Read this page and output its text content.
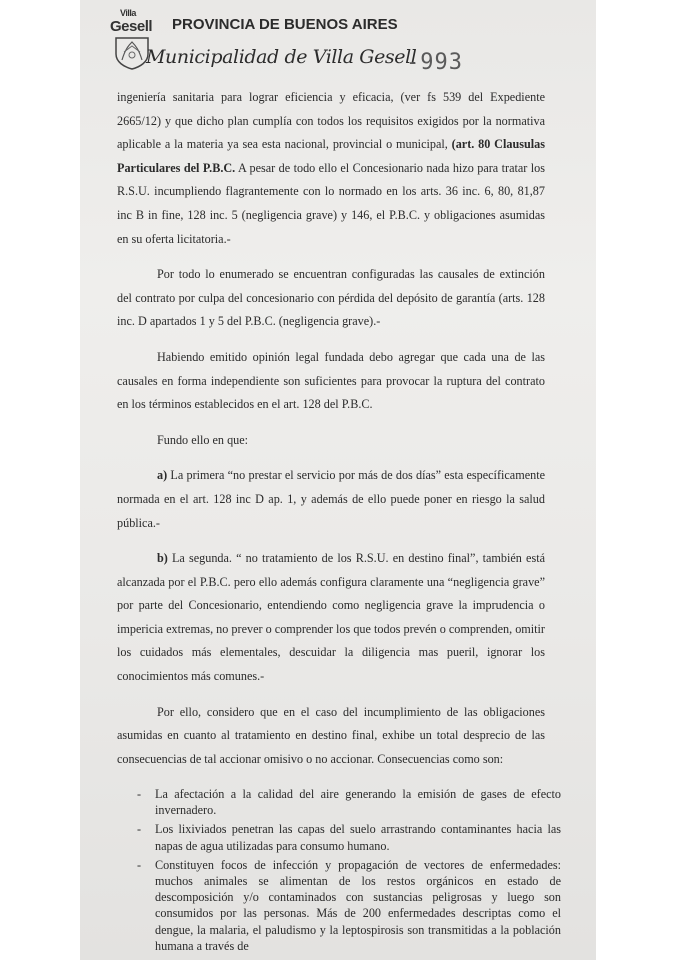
Villa
Gesell PROVINCIA DE BUENOS AIRES
Municipalidad de Villa Gesell
-993

ingeniería sanitaria para lograr eficiencia y eficacia, (ver fs 539 del Expediente 2665/12) y que dicho plan cumplía con todos los requisitos exigidos por la normativa aplicable a la materia ya sea esta nacional, provincial o municipal, (art. 80 Clausulas Particulares del P.B.C. A pesar de todo ello el Concesionario nada hizo para tratar los R.S.U. incumpliendo flagrantemente con lo normado en los arts. 36 inc. 6, 80, 81,87 inc B in fine, 128 inc. 5 (negligencia grave) y 146, el P.B.C. y obligaciones asumidas en su oferta licitatoria.-

Por todo lo enumerado se encuentran configuradas las causales de extinción del contrato por culpa del concesionario con pérdida del depósito de garantía (arts. 128 inc. D apartados 1 y 5 del P.B.C. (negligencia grave).-

Habiendo emitido opinión legal fundada debo agregar que cada una de las causales en forma independiente son suficientes para provocar la ruptura del contrato en los términos establecidos en el art. 128 del P.B.C.

Fundo ello en que:

a) La primera “no prestar el servicio por más de dos días” esta específicamente normada en el art. 128 inc D ap. 1, y además de ello puede poner en riesgo la salud pública.-

b) La segunda. “ no tratamiento de los R.S.U. en destino final”, también está alcanzada por el P.B.C. pero ello además configura claramente una “negligencia grave” por parte del Concesionario, entendiendo como negligencia grave la imprudencia o impericia extremas, no prever o comprender los que todos prevén o comprenden, omitir los cuidados más elementales, descuidar la diligencia mas pueril, ignorar los conocimientos más comunes.-

Por ello, considero que en el caso del incumplimiento de las obligaciones asumidas en cuanto al tratamiento en destino final, exhibe un total desprecio de las consecuencias de tal accionar omisivo o no accionar. Consecuencias como son:

- La afectación a la calidad del aire generando la emisión de gases de efecto invernadero.
- Los lixiviados penetran las capas del suelo arrastrando contaminantes hacia las napas de agua utilizadas para consumo humano.
- Constituyen focos de infección y propagación de vectores de enfermedades: muchos animales se alimentan de los restos orgánicos en estado de descomposición y/o contaminados con sustancias peligrosas y luego son consumidos por las personas. Más de 200 enfermedades descriptas como el dengue, la malaria, el paludismo y la leptospirosis son transmitidas a la población humana a través de
